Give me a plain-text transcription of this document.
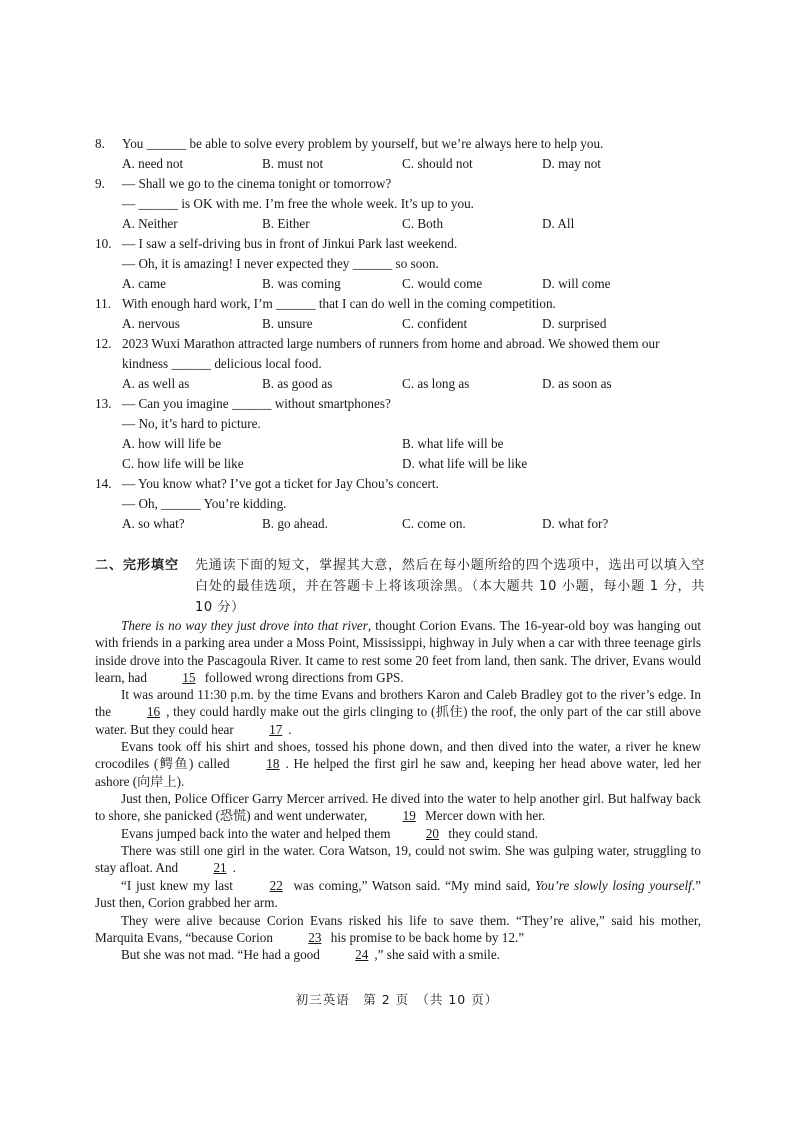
8. You ______ be able to solve every problem by yourself, but we’re always here to help you.
A. need not	B. must not	C. should not	D. may not
9. — Shall we go to the cinema tonight or tomorrow?
— ______ is OK with me. I’m free the whole week. It’s up to you.
A. Neither	B. Either	C. Both	D. All
10. — I saw a self-driving bus in front of Jinkui Park last weekend.
— Oh, it is amazing! I never expected they ______ so soon.
A. came	B. was coming	C. would come	D. will come
11. With enough hard work, I’m ______ that I can do well in the coming competition.
A. nervous	B. unsure	C. confident	D. surprised
12. 2023 Wuxi Marathon attracted large numbers of runners from home and abroad. We showed them our
kindness ______ delicious local food.
A. as well as	B. as good as	C. as long as	D. as soon as
13. — Can you imagine ______ without smartphones?
— No, it’s hard to picture.
A. how will life be	B. what life will be
C. how life will be like	D. what life will be like
14. — You know what? I’ve got a ticket for Jay Chou’s concert.
— Oh, ______ You’re kidding.
A. so what?	B. go ahead.	C. come on.	D. what for?
二、完形填空 先通读下面的短文，掌握其大意，然后在每小题所给的四个选项中，选出可以填入空白处的最佳选项，并在答题卡上将该项涂黑。（本大题共 10 小题，每小题 1 分，共 10 分）
There is no way they just drove into that river, thought Corion Evans. The 16-year-old boy was hanging out with friends in a parking area under a Moss Point, Mississippi, highway in July when a car with three teenage girls inside drove into the Pascagoula River. It came to rest some 20 feet from land, then sank. The driver, Evans would learn, had 15 followed wrong directions from GPS.
It was around 11:30 p.m. by the time Evans and brothers Karon and Caleb Bradley got to the river’s edge. In the 16 , they could hardly make out the girls clinging to (抓住) the roof, the only part of the car still above water. But they could hear 17 .
Evans took off his shirt and shoes, tossed his phone down, and then dived into the water, a river he knew crocodiles (鳄鱼) called 18 . He helped the first girl he saw and, keeping her head above water, led her ashore (向岸上).
Just then, Police Officer Garry Mercer arrived. He dived into the water to help another girl. But halfway back to shore, she panicked (恐慌) and went underwater, 19 Mercer down with her.
Evans jumped back into the water and helped them 20 they could stand.
There was still one girl in the water. Cora Watson, 19, could not swim. She was gulping water, struggling to stay afloat. And 21 .
“I just knew my last 22 was coming,” Watson said. “My mind said, You’re slowly losing yourself.” Just then, Corion grabbed her arm.
They were alive because Corion Evans risked his life to save them. “They’re alive,” said his mother, Marquita Evans, “because Corion 23 his promise to be back home by 12.”
But she was not mad. “He had a good 24 ,” she said with a smile.
初三英语　第 2 页　（共 10 页）
